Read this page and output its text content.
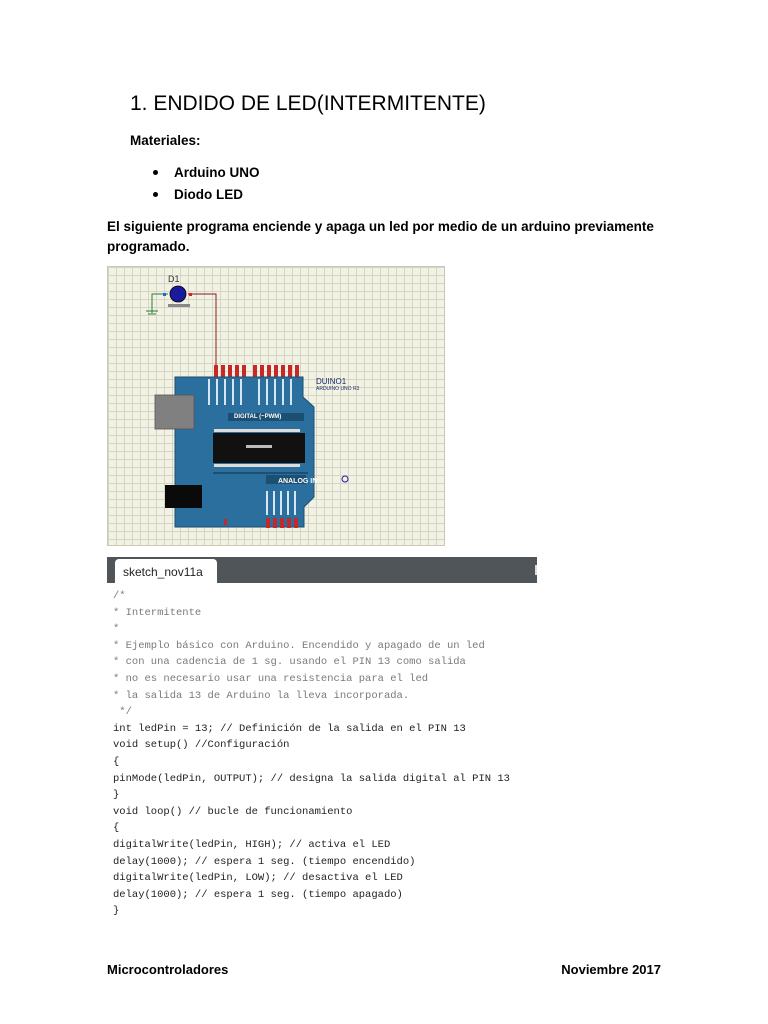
1. ENDIDO DE LED(INTERMITENTE)
Materiales:
Arduino UNO
Diodo LED
El siguiente programa enciende y apaga un led por medio de un arduino previamente programado.
D1
DUINO1
ARDUINO UNO R3
DIGITAL (~PWM)
ANALOG IN
sketch_nov11a
/*
* Intermitente
*
* Ejemplo básico con Arduino. Encendido y apagado de un led
* con una cadencia de 1 sg. usando el PIN 13 como salida
* no es necesario usar una resistencia para el led
* la salida 13 de Arduino la lleva incorporada.
*/
int ledPin = 13; // Definición de la salida en el PIN 13
void setup() //Configuración
{
pinMode(ledPin, OUTPUT); // designa la salida digital al PIN 13
}
void loop() // bucle de funcionamiento
{
digitalWrite(ledPin, HIGH); // activa el LED
delay(1000); // espera 1 seg. (tiempo encendido)
digitalWrite(ledPin, LOW); // desactiva el LED
delay(1000); // espera 1 seg. (tiempo apagado)
}
Microcontroladores	Noviembre 2017
